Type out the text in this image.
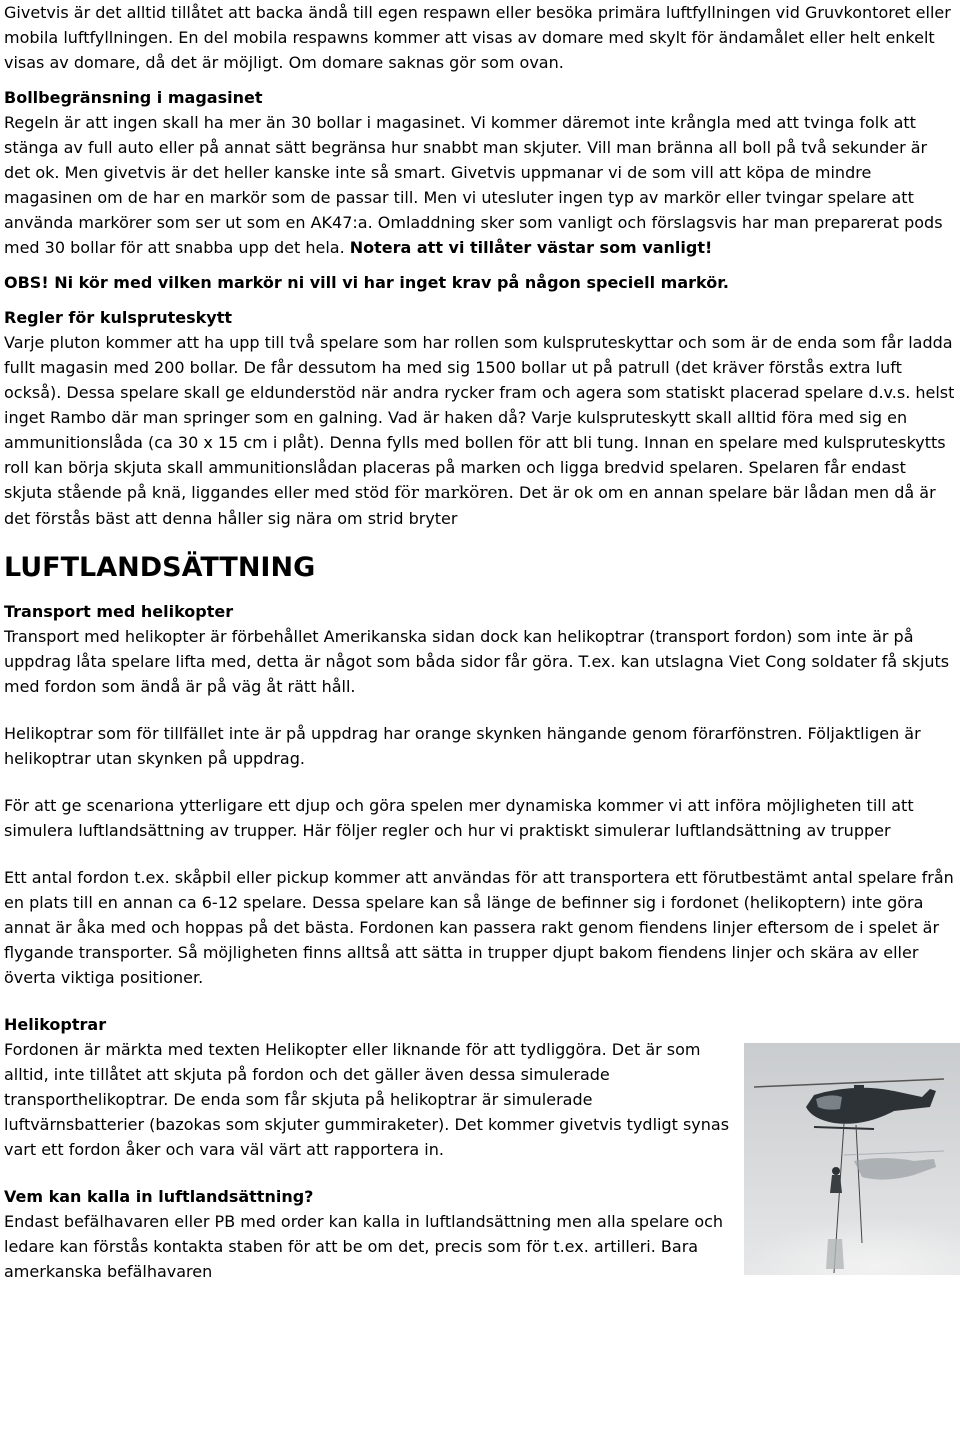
Givetvis är det alltid tillåtet att backa ändå till egen respawn eller besöka primära luftfyllningen vid Gruvkontoret eller mobila luftfyllningen. En del mobila respawns kommer att visas av domare med skylt för ändamålet eller helt enkelt visas av domare, då det är möjligt. Om domare saknas gör som ovan.

Bollbegränsning i magasinet

Regeln är att ingen skall ha mer än 30 bollar i magasinet. Vi kommer däremot inte krångla med att tvinga folk att stänga av full auto eller på annat sätt begränsa hur snabbt man skjuter. Vill man bränna all boll på två sekunder är det ok. Men givetvis är det heller kanske inte så smart. Givetvis uppmanar vi de som vill att köpa de mindre magasinen om de har en markör som de passar till. Men vi utesluter ingen typ av markör eller tvingar spelare att använda markörer som ser ut som en AK47:a. Omladdning sker som vanligt och förslagsvis har man preparerat pods med 30 bollar för att snabba upp det hela. Notera att vi tillåter västar som vanligt!

OBS! Ni kör med vilken markör ni vill vi har inget krav på någon speciell markör.

Regler för kulspruteskytt

Varje pluton kommer att ha upp till två spelare som har rollen som kulspruteskyttar och som är de enda som får ladda fullt magasin med 200 bollar. De får dessutom ha med sig 1500 bollar ut på patrull (det kräver förstås extra luft också). Dessa spelare skall ge eldunderstöd när andra rycker fram och agera som statiskt placerad spelare d.v.s. helst inget Rambo där man springer som en galning. Vad är haken då? Varje kulspruteskytt skall alltid föra med sig en ammunitionslåda (ca 30 x 15 cm i plåt). Denna fylls med bollen för att bli tung. Innan en spelare med kulspruteskytts roll kan börja skjuta skall ammunitionslådan placeras på marken och ligga bredvid spelaren. Spelaren får endast skjuta stående på knä, liggandes eller med stöd för markören. Det är ok om en annan spelare bär lådan men då är det förstås bäst att denna håller sig nära om strid bryter

LUFTLANDSÄTTNING
Transport med helikopter

Transport med helikopter är förbehållet Amerikanska sidan dock kan helikoptrar (transport fordon) som inte är på uppdrag låta spelare lifta med, detta är något som båda sidor får göra. T.ex. kan utslagna Viet Cong soldater få skjuts med fordon som ändå är på väg åt rätt håll.

Helikoptrar som för tillfället inte är på uppdrag har orange skynken hängande genom förarfönstren. Följaktligen är helikoptrar utan skynken på uppdrag.

För att ge scenariona ytterligare ett djup och göra spelen mer dynamiska kommer vi att införa möjligheten till att simulera luftlandsättning av trupper. Här följer regler och hur vi praktiskt simulerar luftlandsättning av trupper

Ett antal fordon t.ex. skåpbil eller pickup kommer att användas för att transportera ett förutbestämt antal spelare från en plats till en annan ca 6-12 spelare. Dessa spelare kan så länge de befinner sig i fordonet (helikoptern) inte göra annat är åka med och hoppas på det bästa. Fordonen kan passera rakt genom fiendens linjer eftersom de i spelet är flygande transporter. Så möjligheten finns alltså att sätta in trupper djupt bakom fiendens linjer och skära av eller överta viktiga positioner.

Helikoptrar

Fordonen är märkta med texten Helikopter eller liknande för att tydliggöra. Det är som alltid, inte tillåtet att skjuta på fordon och det gäller även dessa simulerade transporthelikoptrar. De enda som får skjuta på helikoptrar är simulerade luftvärnsbatterier (bazokas som skjuter gummiraketer). Det kommer givetvis tydligt synas vart ett fordon åker och vara väl värt att rapportera in.

Vem kan kalla in luftlandsättning?

Endast befälhavaren eller PB med order kan kalla in luftlandsättning men alla spelare och ledare kan förstås kontakta staben för att be om det, precis som för t.ex. artilleri. Bara amerkanska befälhavaren
